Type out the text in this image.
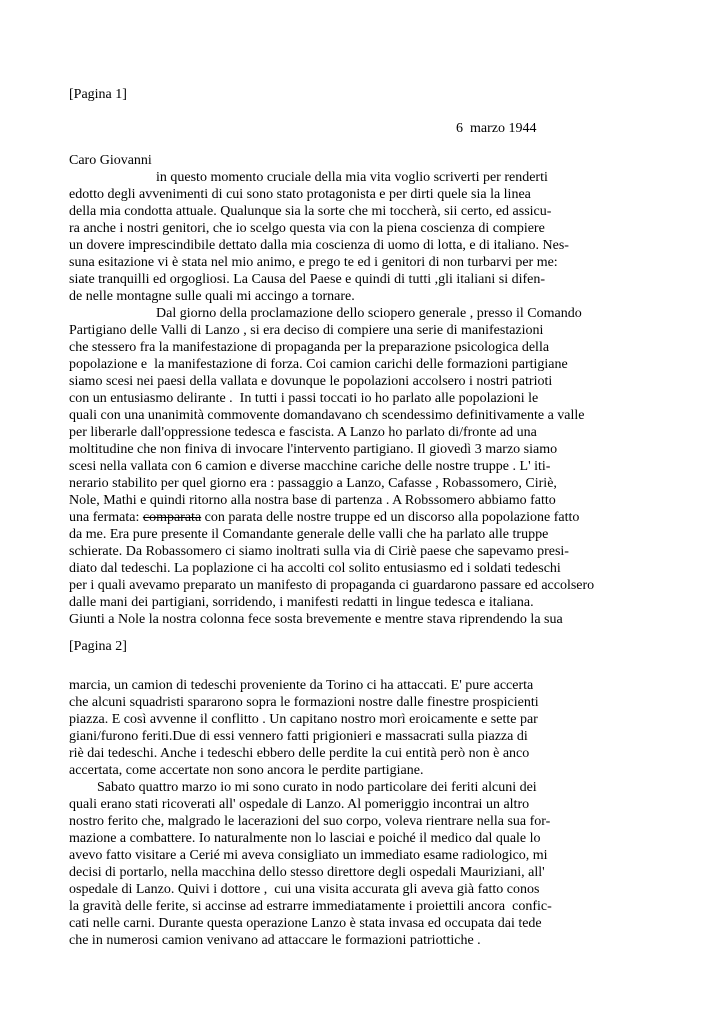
[Pagina 1]
6  marzo 1944
Caro Giovanni
in questo momento cruciale della mia vita voglio scriverti per renderti
edotto degli avvenimenti di cui sono stato protagonista e per dirti quele sia la linea
della mia condotta attuale. Qualunque sia la sorte che mi toccherà, sii certo, ed assicu-
ra anche i nostri genitori, che io scelgo questa via con la piena coscienza di compiere
un dovere imprescindibile dettato dalla mia coscienza di uomo di lotta, e di italiano. Nes-
suna esitazione vi è stata nel mio animo, e prego te ed i genitori di non turbarvi per me:
siate tranquilli ed orgogliosi. La Causa del Paese e quindi di tutti ,gli italiani si difen-
de nelle montagne sulle quali mi accingo a tornare.
Dal giorno della proclamazione dello sciopero generale , presso il Comando
Partigiano delle Valli di Lanzo , si era deciso di compiere una serie di manifestazioni
che stessero fra la manifestazione di propaganda per la preparazione psicologica della
popolazione e  la manifestazione di forza. Coi camion carichi delle formazioni partigiane
siamo scesi nei paesi della vallata e dovunque le popolazioni accolsero i nostri patrioti
con un entusiasmo delirante .  In tutti i passi toccati io ho parlato alle popolazioni le
quali con una unanimità commovente domandavano ch scendessimo definitivamente a valle
per liberarle dall'oppressione tedesca e fascista. A Lanzo ho parlato di/fronte ad una
moltitudine che non finiva di invocare l'intervento partigiano. Il giovedì 3 marzo siamo
scesi nella vallata con 6 camion e diverse macchine cariche delle nostre truppe . L' iti-
nerario stabilito per quel giorno era : passaggio a Lanzo, Cafasse , Robassomero, Ciriè,
Nole, Mathi e quindi ritorno alla nostra base di partenza . A Robssomero abbiamo fatto
una fermata: comparata con parata delle nostre truppe ed un discorso alla popolazione fatto
da me. Era pure presente il Comandante generale delle valli che ha parlato alle truppe
schierate. Da Robassomero ci siamo inoltrati sulla via di Ciriè paese che sapevamo presi-
diato dal tedeschi. La poplazione ci ha accolti col solito entusiasmo ed i soldati tedeschi
per i quali avevamo preparato un manifesto di propaganda ci guardarono passare ed accolsero
dalle mani dei partigiani, sorridendo, i manifesti redatti in lingue tedesca e italiana.
Giunti a Nole la nostra colonna fece sosta brevemente e mentre stava riprendendo la sua
[Pagina 2]
marcia, un camion di tedeschi proveniente da Torino ci ha attaccati. E' pure accerta
che alcuni squadristi spararono sopra le formazioni nostre dalle finestre prospicienti
piazza. E così avvenne il conflitto . Un capitano nostro morì eroicamente e sette par
giani/furono feriti.Due di essi vennero fatti prigionieri e massacrati sulla piazza di
riè dai tedeschi. Anche i tedeschi ebbero delle perdite la cui entità però non è anco
accertata, come accertate non sono ancora le perdite partigiane.
Sabato quattro marzo io mi sono curato in nodo particolare dei feriti alcuni dei
quali erano stati ricoverati all' ospedale di Lanzo. Al pomeriggio incontrai un altro
nostro ferito che, malgrado le lacerazioni del suo corpo, voleva rientrare nella sua for-
mazione a combattere. Io naturalmente non lo lasciai e poiché il medico dal quale lo
avevo fatto visitare a Cerié mi aveva consigliato un immediato esame radiologico, mi
decisi di portarlo, nella macchina dello stesso direttore degli ospedali Mauriziani, all'
ospedale di Lanzo. Quivi i dottore ,  cui una visita accurata gli aveva già fatto conos
la gravità delle ferite, si accinse ad estrarre immediatamente i proiettili ancora  confic-
cati nelle carni. Durante questa operazione Lanzo è stata invasa ed occupata dai tede
che in numerosi camion venivano ad attaccare le formazioni patriottiche .
